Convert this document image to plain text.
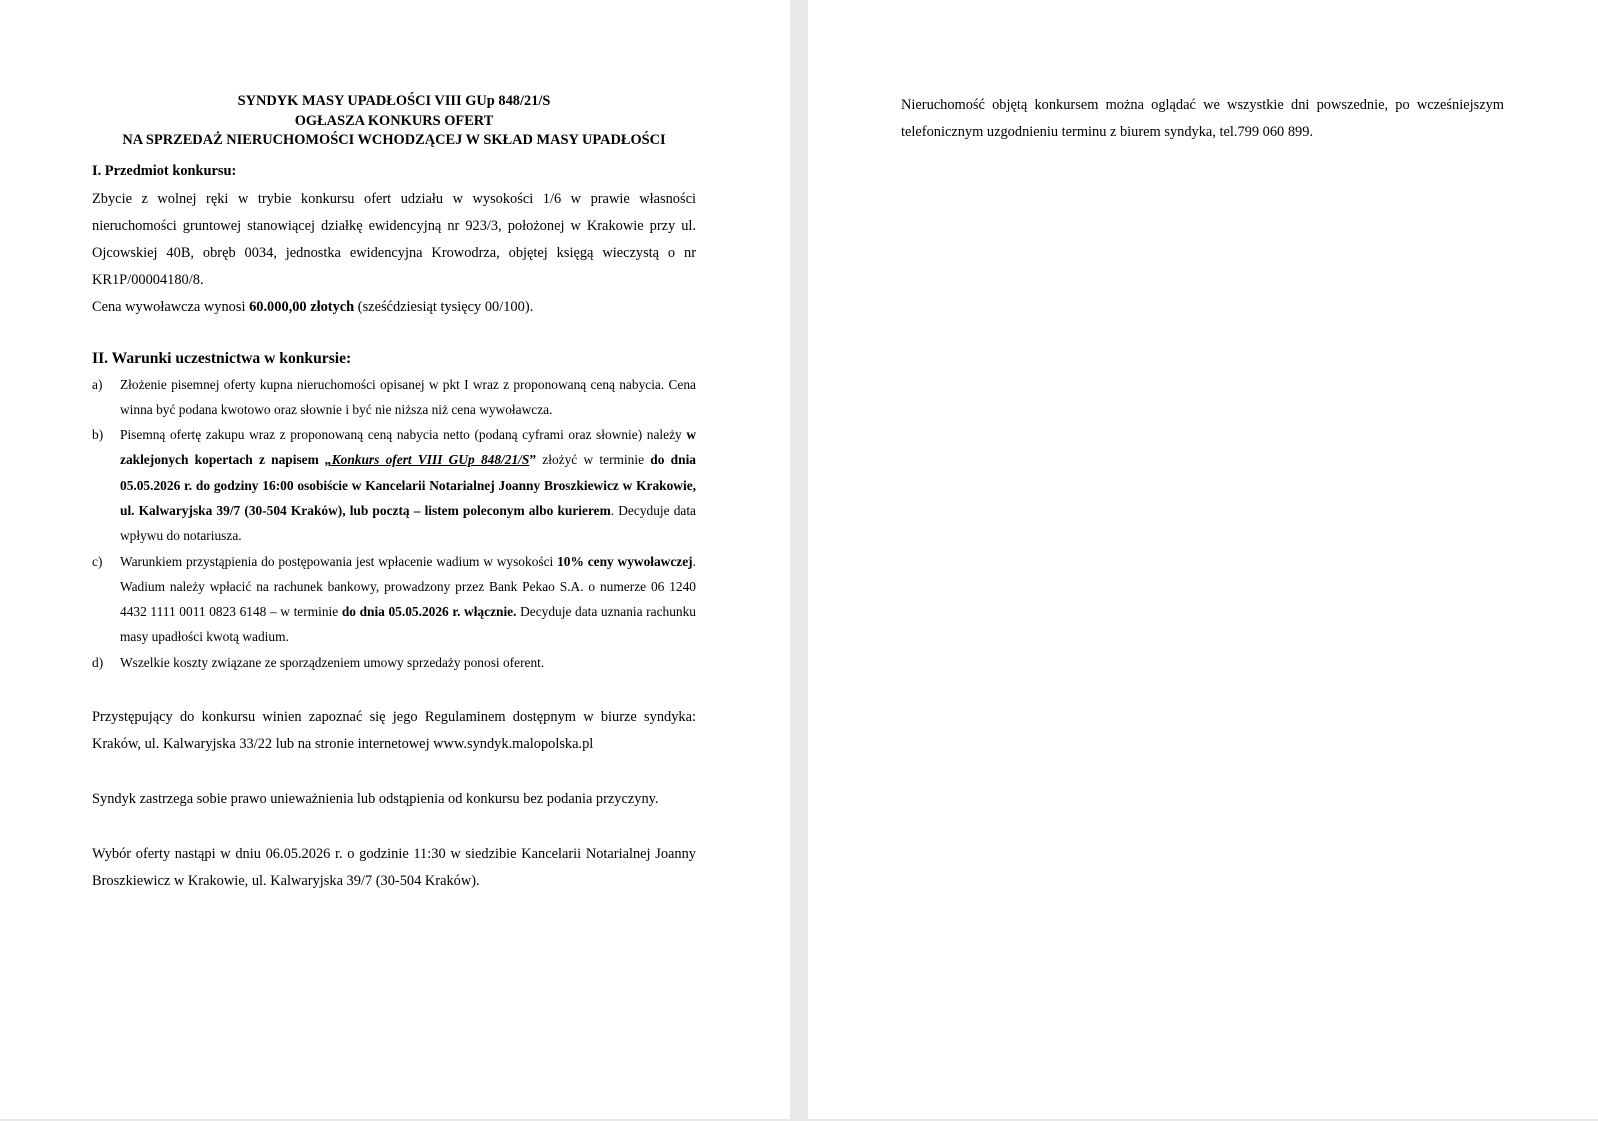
SYNDYK MASY UPADŁOŚCI VIII GUp 848/21/S

OGŁASZA KONKURS OFERT

NA SPRZEDAŻ NIERUCHOMOŚCI WCHODZĄCEJ W SKŁAD MASY UPADŁOŚCI

I. Przedmiot konkursu:

Zbycie z wolnej ręki w trybie konkursu ofert udziału w wysokości 1/6 w prawie własności nieruchomości gruntowej stanowiącej działkę ewidencyjną nr 923/3, położonej w Krakowie przy ul. Ojcowskiej 40B, obręb 0034, jednostka ewidencyjna Krowodrza, objętej księgą wieczystą o nr KR1P/00004180/8.

Cena wywoławcza wynosi 60.000,00 złotych (sześćdziesiąt tysięcy 00/100).

II. Warunki uczestnictwa w konkursie:

a) Złożenie pisemnej oferty kupna nieruchomości opisanej w pkt I wraz z proponowaną ceną nabycia. Cena winna być podana kwotowo oraz słownie i być nie niższa niż cena wywoławcza.
b) Pisemną ofertę zakupu wraz z proponowaną ceną nabycia netto (podaną cyframi oraz słownie) należy w zaklejonych kopertach z napisem „Konkurs ofert VIII GUp 848/21/S” złożyć w terminie do dnia 05.05.2026 r. do godziny 16:00 osobiście w Kancelarii Notarialnej Joanny Broszkiewicz w Krakowie, ul. Kalwaryjska 39/7 (30-504 Kraków), lub pocztą – listem poleconym albo kurierem. Decyduje data wpływu do notariusza.
c) Warunkiem przystąpienia do postępowania jest wpłacenie wadium w wysokości 10% ceny wywoławczej. Wadium należy wpłacić na rachunek bankowy, prowadzony przez Bank Pekao S.A. o numerze 06 1240 4432 1111 0011 0823 6148 – w terminie do dnia 05.05.2026 r. włącznie. Decyduje data uznania rachunku masy upadłości kwotą wadium.
d) Wszelkie koszty związane ze sporządzeniem umowy sprzedaży ponosi oferent.

Przystępujący do konkursu winien zapoznać się jego Regulaminem dostępnym w biurze syndyka: Kraków, ul. Kalwaryjska 33/22 lub na stronie internetowej www.syndyk.malopolska.pl

Syndyk zastrzega sobie prawo unieważnienia lub odstąpienia od konkursu bez podania przyczyny.

Wybór oferty nastąpi w dniu 06.05.2026 r. o godzinie 11:30 w siedzibie Kancelarii Notarialnej Joanny Broszkiewicz w Krakowie, ul. Kalwaryjska 39/7 (30-504 Kraków).

Nieruchomość objętą konkursem można oglądać we wszystkie dni powszednie, po wcześniejszym telefonicznym uzgodnieniu terminu z biurem syndyka, tel.799 060 899.
